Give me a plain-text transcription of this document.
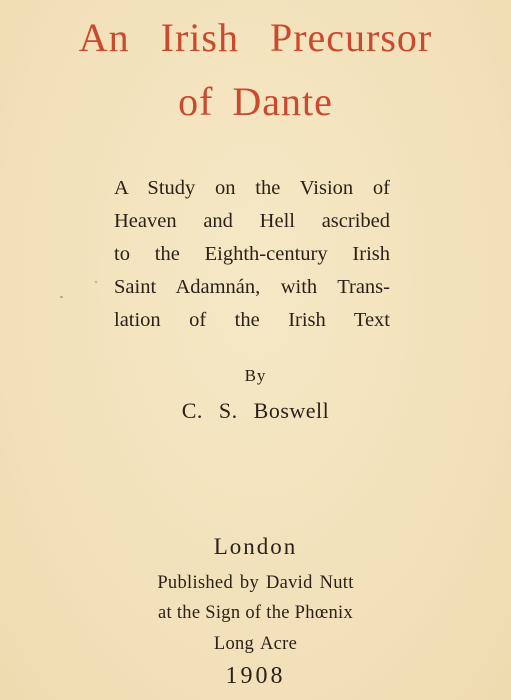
An Irish Precursor
of Dante
A Study on the Vision of
Heaven and Hell ascribed
to the Eighth-century Irish
Saint Adamnán, with Trans-
lation of the Irish Text
By
C. S. Boswell
London
Published by David Nutt
at the Sign of the Phœnix
Long Acre
1908
